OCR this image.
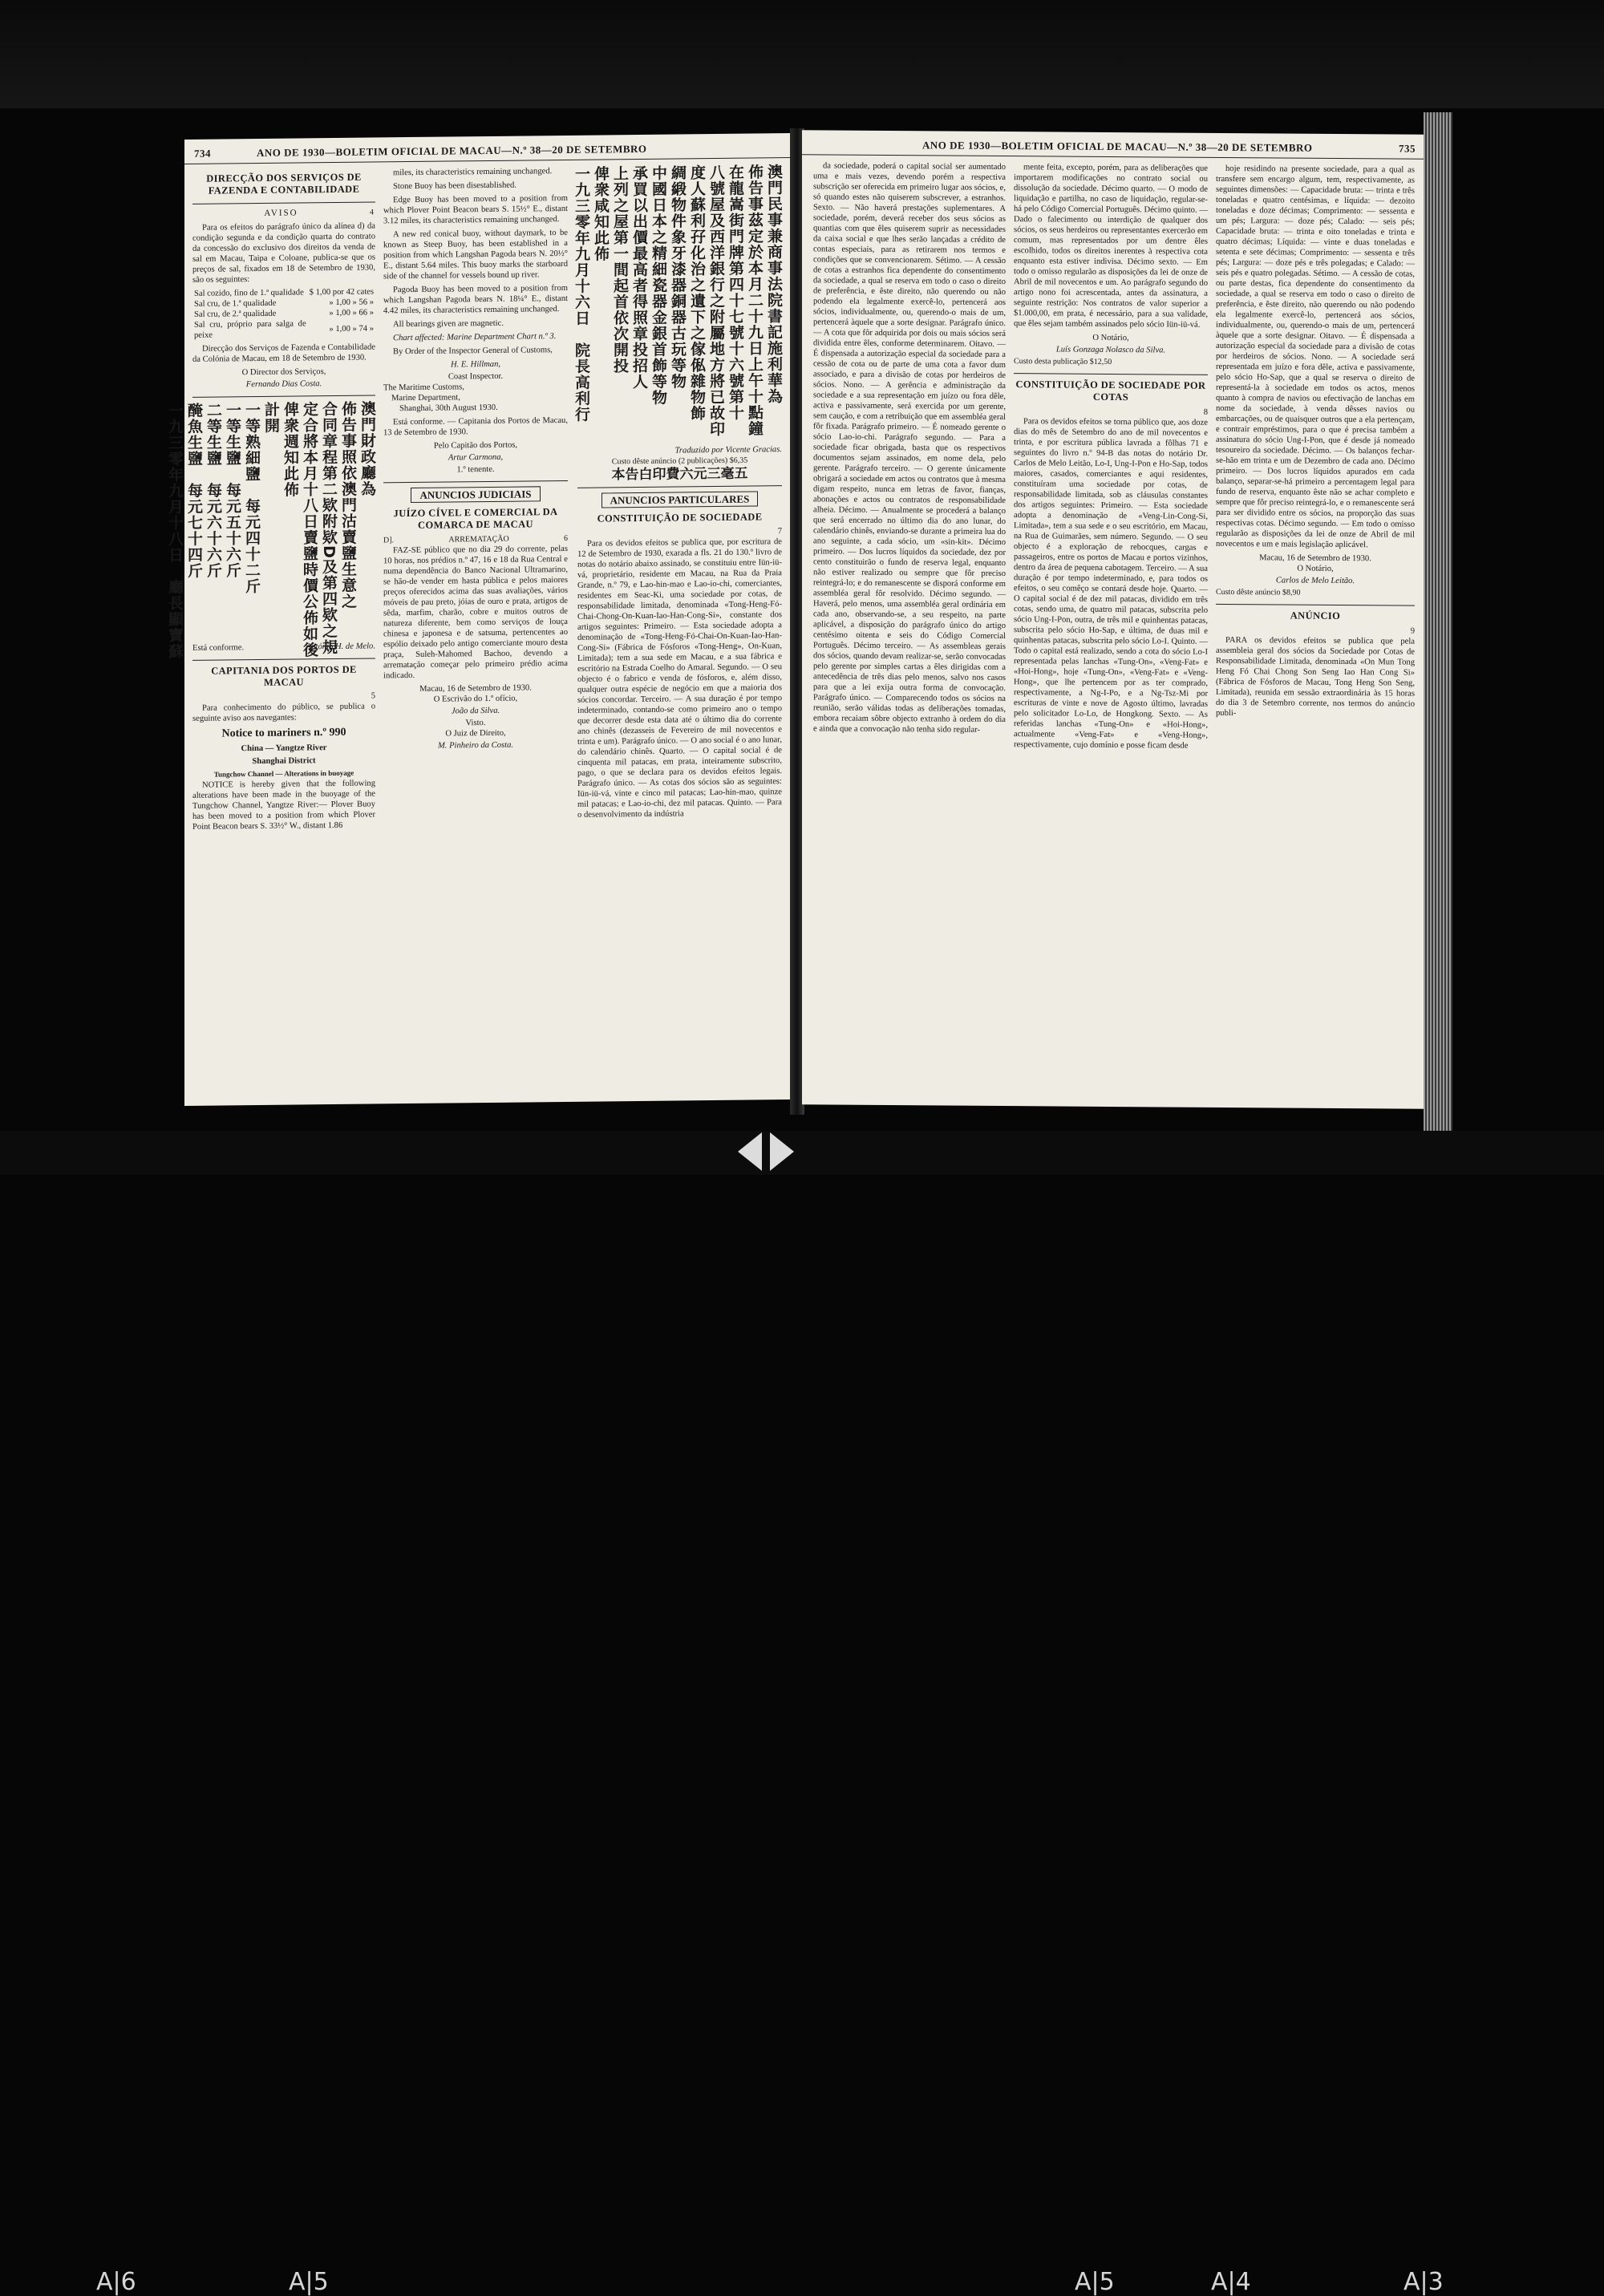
A|6	A|5	A|5	A|4	A|3
734	ANO DE 1930—BOLETIM OFICIAL DE MACAU—N.º 38—20 DE SETEMBRO
DIRECÇÃO DOS SERVIÇOS DE FAZENDA E CONTABILIDADE
AVISO	4

Para os efeitos do parágrafo único da alínea d) da condição segunda e da condição quarta do contrato da concessão do exclusivo dos direitos da venda de sal em Macau, Taipa e Coloane, publica-se que os preços de sal, fixados em 18 de Setembro de 1930, são os seguintes:

Sal cozido, fino de 1.ª qualidade	$ 1,00 por 42 cates
Sal cru, de 1.ª qualidade	» 1,00 » 56 »
Sal cru, de 2.ª qualidade	» 1,00 » 66 »
Sal cru, próprio para salga de peixe	» 1,00 » 74 »

Direcção dos Serviços de Fazenda e Contabilidade da Colónia de Macau, em 18 de Setembro de 1930.

O Director dos Serviços,
Fernando Dias Costa.
澳門財政廳為
佈告事照依澳門沽賣鹽生意之
合同章程第二欵附欵D及第四欵之規
定合將本月十八日賣鹽時價公佈如後
俾衆週知此佈
計開
一等熟細鹽　每元四十二斤
一等生鹽　每元五十六斤
二等生鹽　每元六十六斤
醃魚生鹽　每元七十四斤
一九三零年九月十八日　廳長顯寶蘇 Está conforme.	António H. de Melo.
CAPITANIA DOS PORTOS DE MACAU
5

Para conhecimento do público, se publica o seguinte aviso aos navegantes:

Notice to mariners n.º 990
China — Yangtze River
Shanghai District
Tungchow Channel — Alterations in buoyage

NOTICE is hereby given that the following alterations have been made in the buoyage of the Tungchow Channel, Yangtze River:— Plover Buoy has been moved to a position from which Plover Point Beacon bears S. 33½° W., distant 1.86

miles, its characteristics remaining unchanged.

Stone Buoy has been disestablished.

Edge Buoy has been moved to a position from which Plover Point Beacon bears S. 15½° E., distant 3.12 miles, its characteristics remaining unchanged.

A new red conical buoy, without daymark, to be known as Steep Buoy, has been established in a position from which Langshan Pagoda bears N. 20½° E., distant 5.64 miles. This buoy marks the starboard side of the channel for vessels bound up river.

Pagoda Buoy has been moved to a position from which Langshan Pagoda bears N. 18¼° E., distant 4.42 miles, its characteristics remaining unchanged.

All bearings given are magnetic.

Chart affected: Marine Department Chart n.º 3.

By Order of the Inspector General of Customs,

H. E. Hillman,
Coast Inspector.
The Maritime Customs,
Marine Department,
Shanghai, 30th August 1930.

Está conforme. — Capitania dos Portos de Macau, 13 de Setembro de 1930.

Pelo Capitão dos Portos,
Artur Carmona,
1.º tenente.
ANUNCIOS JUDICIAIS
JUÍZO CÍVEL E COMERCIAL DA COMARCA DE MACAU
D].	ARREMATAÇÃO	6

FAZ-SE público que no dia 29 do corrente, pelas 10 horas, nos prédios n.º 47, 16 e 18 da Rua Central e numa dependência do Banco Nacional Ultramarino, se hão-de vender em hasta pública e pelos maiores preços oferecidos acima das suas avaliações, vários móveis de pau preto, jóias de ouro e prata, artigos de sêda, marfim, charão, cobre e muitos outros de natureza diferente, bem como serviços de louça chinesa e japonesa e de satsuma, pertencentes ao espólio deixado pelo antigo comerciante mouro desta praça, Suleh-Mahomed Bachoo, devendo a arrematação começar pelo primeiro prédio acima indicado.

Macau, 16 de Setembro de 1930.
O Escrivão do 1.º ofício,
João da Silva.
Visto.
O Juiz de Direito,
M. Pinheiro da Costa.
澳門民事兼商事法院書記施利華為
佈告事茲定於本月二十九日上午十點鐘
在龍嵩街門牌第四十七號十六號第十
八號屋及西洋銀行之附屬地方將已故印
度人蘇利孖化治之遺下之傢俬雜物飾
綢緞物件象牙漆器銅器古玩等物
中國日本之精細瓷器金銀首飾等物
承買以出價最高者得照章投招人
上列之屋第一間起首依次開投
俾衆咸知此佈
一九三零年九月十六日　院長高利行
Traduzido por Vicente Gracias.
Custo dêste anúncio (2 publicações) $6,35
本告白印費六元三毫五
ANUNCIOS PARTICULARES
CONSTITUIÇÃO DE SOCIEDADE
7

Para os devidos efeitos se publica que, por escritura de 12 de Setembro de 1930, exarada a fls. 21 do 130.º livro de notas do notário abaixo assinado, se constituiu entre Iün-iü-vá, proprietário, residente em Macau, na Rua da Praia Grande, n.º 79, e Lao-hin-mao e Lao-io-chi, comerciantes, residentes em Seac-Ki, uma sociedade por cotas, de responsabilidade limitada, denominada «Tong-Heng-Fó-Chai-Chong-On-Kuan-Iao-Han-Cong-Si», constante dos artigos seguintes: Primeiro. — Esta sociedade adopta a denominação de «Tong-Heng-Fó-Chai-On-Kuan-Iao-Han-Cong-Si» (Fábrica de Fósforos «Tong-Heng», On-Kuan, Limitada); tem a sua sede em Macau, e a sua fábrica e escritório na Estrada Coelho do Amaral. Segundo. — O seu objecto é o fabrico e venda de fósforos, e, além disso, qualquer outra espécie de negócio em que a maioria dos sócios concordar. Terceiro. — A sua duração é por tempo indeterminado, contando-se como primeiro ano o tempo que decorrer desde esta data até o último dia do corrente ano chinês (dezasseis de Fevereiro de mil novecentos e trinta e um). Parágrafo único. — O ano social é o ano lunar, do calendário chinês. Quarto. — O capital social é de cinquenta mil patacas, em prata, inteiramente subscrito, pago, o que se declara para os devidos efeitos legais. Parágrafo único. — As cotas dos sócios são as seguintes: Iün-iü-vá, vinte e cinco mil patacas; Lao-hin-mao, quinze mil patacas; e Lao-io-chi, dez mil patacas. Quinto. — Para o desenvolvimento da indústria

ANO DE 1930—BOLETIM OFICIAL DE MACAU—N.º 38—20 DE SETEMBRO	735

da sociedade, poderá o capital social ser aumentado uma e mais vezes, devendo porém a respectiva subscrição ser oferecida em primeiro lugar aos sócios, e, só quando estes não quiserem subscrever, a estranhos. Sexto. — Não haverá prestações suplementares. A sociedade, porém, deverá receber dos seus sócios as quantias com que êles quiserem suprir as necessidades da caixa social e que lhes serão lançadas a crédito de contas especiais, para as retirarem nos termos e condições que se convencionarem. Sétimo. — A cessão de cotas a estranhos fica dependente do consentimento da sociedade, a qual se reserva em todo o caso o direito de preferência, e êste direito, não querendo ou não podendo ela legalmente exercê-lo, pertencerá aos sócios, individualmente, ou, querendo-o mais de um, pertencerá àquele que a sorte designar. Parágrafo único. — A cota que fôr adquirida por dois ou mais sócios será dividida entre êles, conforme determinarem. Oitavo. — É dispensada a autorização especial da sociedade para a cessão de cota ou de parte de uma cota a favor dum associado, e para a divisão de cotas por herdeiros de sócios. Nono. — A gerência e administração da sociedade e a sua representação em juízo ou fora dêle, activa e passivamente, será exercida por um gerente, sem caução, e com a retribuição que em assembléa geral fôr fixada. Parágrafo primeiro. — É nomeado gerente o sócio Lao-io-chi. Parágrafo segundo. — Para a sociedade ficar obrigada, basta que os respectivos documentos sejam assinados, em nome dela, pelo gerente. Parágrafo terceiro. — O gerente únicamente obrigará a sociedade em actos ou contratos que à mesma digam respeito, nunca em letras de favor, fianças, abonações e actos ou contratos de responsabilidade alheia. Décimo. — Anualmente se procederá a balanço que será encerrado no último dia do ano lunar, do calendário chinês, enviando-se durante a primeira lua do ano seguinte, a cada sócio, um «sin-kit». Décimo primeiro. — Dos lucros líquidos da sociedade, dez por cento constituirão o fundo de reserva legal, enquanto não estiver realizado ou sempre que fôr preciso reintegrá-lo; e do remanescente se disporá conforme em assembléa geral fôr resolvido. Décimo segundo. — Haverá, pelo menos, uma assembléa geral ordinária em cada ano, observando-se, a seu respeito, na parte aplicável, a disposição do parágrafo único do artigo centésimo oitenta e seis do Código Comercial Português. Décimo terceiro. — As assembleas gerais dos sócios, quando devam realizar-se, serão convocadas pelo gerente por simples cartas a êles dirigidas com a antecedência de três dias pelo menos, salvo nos casos para que a lei exija outra forma de convocação. Parágrafo único. — Comparecendo todos os sócios na reunião, serão válidas todas as deliberações tomadas, embora recaiam sôbre objecto extranho à ordem do dia e ainda que a convocação não tenha sido regular-

mente feita, excepto, porém, para as deliberações que importarem modificações no contrato social ou dissolução da sociedade. Décimo quarto. — O modo de liquidação e partilha, no caso de liquidação, regular-se-há pelo Código Comercial Português. Décimo quinto. — Dado o falecimento ou interdição de qualquer dos sócios, os seus herdeiros ou representantes exercerão em comum, mas representados por um dentre êles escolhido, todos os direitos inerentes à respectiva cota enquanto esta estiver indivisa. Décimo sexto. — Em todo o omisso regularão as disposições da lei de onze de Abril de mil novecentos e um. Ao parágrafo segundo do artigo nono foi acrescentada, antes da assinatura, a seguinte restrição: Nos contratos de valor superior a $1.000,00, em prata, é necessário, para a sua validade, que êles sejam também assinados pelo sócio Iün-iü-vá.

O Notário,
Luís Gonzaga Nolasco da Silva.
Custo desta publicação $12,50
CONSTITUIÇÃO DE SOCIEDADE POR COTAS
8

Para os devidos efeitos se torna público que, aos doze dias do mês de Setembro do ano de mil novecentos e trinta, e por escritura pública lavrada a fôlhas 71 e seguintes do livro n.º 94-B das notas do notário Dr. Carlos de Melo Leitão, Lo-I, Ung-I-Pon e Ho-Sap, todos maiores, casados, comerciantes e aqui residentes, constituíram uma sociedade por cotas, de responsabilidade limitada, sob as cláusulas constantes dos artigos seguintes: Primeiro. — Esta sociedade adopta a denominação de «Veng-Lin-Cong-Si, Limitada», tem a sua sede e o seu escritório, em Macau, na Rua de Guimarães, sem número. Segundo. — O seu objecto é a exploração de rebocques, cargas e passageiros, entre os portos de Macau e portos vizinhos, dentro da área de pequena cabotagem. Terceiro. — A sua duração é por tempo indeterminado, e, para todos os efeitos, o seu comêço se contará desde hoje. Quarto. — O capital social é de dez mil patacas, dividido em três cotas, sendo uma, de quatro mil patacas, subscrita pelo sócio Ung-I-Pon, outra, de três mil e quinhentas patacas, subscrita pelo sócio Ho-Sap, e última, de duas mil e quinhentas patacas, subscrita pelo sócio Lo-I. Quinto. — Todo o capital está realizado, sendo a cota do sócio Lo-I representada pelas lanchas «Tung-On», «Veng-Fat» e «Hoi-Hong», hoje «Tung-On», «Veng-Fat» e «Veng-Hong», que lhe pertencem por as ter comprado, respectivamente, a Ng-I-Po, e a Ng-Tsz-Mi por escrituras de vinte e nove de Agosto último, lavradas pelo solicitador Lo-Lo, de Hongkong. Sexto. — As referidas lanchas «Tung-On» e «Hoi-Hong», actualmente «Veng-Fat» e «Veng-Hong», respectivamente, cujo domínio e posse ficam desde

hoje residindo na presente sociedade, para a qual as transfere sem encargo algum, tem, respectivamente, as seguintes dimensões: — Capacidade bruta: — trinta e três toneladas e quatro centésimas, e líquida: — dezoito toneladas e doze décimas; Comprimento: — sessenta e um pés; Largura: — doze pés; Calado: — seis pés; Capacidade bruta: — trinta e oito toneladas e trinta e quatro décimas; Líquida: — vinte e duas toneladas e setenta e sete décimas; Comprimento: — sessenta e três pés; Largura: — doze pés e três polegadas; e Calado: — seis pés e quatro polegadas. Sétimo. — A cessão de cotas, ou parte destas, fica dependente do consentimento da sociedade, a qual se reserva em todo o caso o direito de preferência, e êste direito, não querendo ou não podendo ela legalmente exercê-lo, pertencerá aos sócios, individualmente, ou, querendo-o mais de um, pertencerá àquele que a sorte designar. Oitavo. — É dispensada a autorização especial da sociedade para a divisão de cotas por herdeiros de sócios. Nono. — A sociedade será representada em juízo e fora dêle, activa e passivamente, pelo sócio Ho-Sap, que a qual se reserva o direito de representá-la à sociedade em todos os actos, menos quanto à compra de navios ou efectivação de lanchas em nome da sociedade, à venda dêsses navios ou embarcações, ou de quaisquer outros que a ela pertençam, e contrair empréstimos, para o que é precisa também a assinatura do sócio Ung-I-Pon, que é desde já nomeado tesoureiro da sociedade. Décimo. — Os balanços fechar-se-hão em trinta e um de Dezembro de cada ano. Décimo primeiro. — Dos lucros líquidos apurados em cada balanço, separar-se-há primeiro a percentagem legal para fundo de reserva, enquanto êste não se achar completo e sempre que fôr preciso reintegrá-lo, e o remanescente será para ser dividido entre os sócios, na proporção das suas respectivas cotas. Décimo segundo. — Em todo o omisso regularão as disposições da lei de onze de Abril de mil novecentos e um e mais legislação aplicável.

Macau, 16 de Setembro de 1930.
O Notário,
Carlos de Melo Leitão.
Custo dêste anúncio $8,90
ANÚNCIO
9

PARA os devidos efeitos se publica que pela assembleia geral dos sócios da Sociedade por Cotas de Responsabilidade Limitada, denominada «On Mun Tong Heng Fó Chai Chong Son Seng Iao Han Cong Si» (Fábrica de Fósforos de Macau, Tong Heng Son Seng, Limitada), reunida em sessão extraordinária às 15 horas do dia 3 de Setembro corrente, nos termos do anúncio publi-
